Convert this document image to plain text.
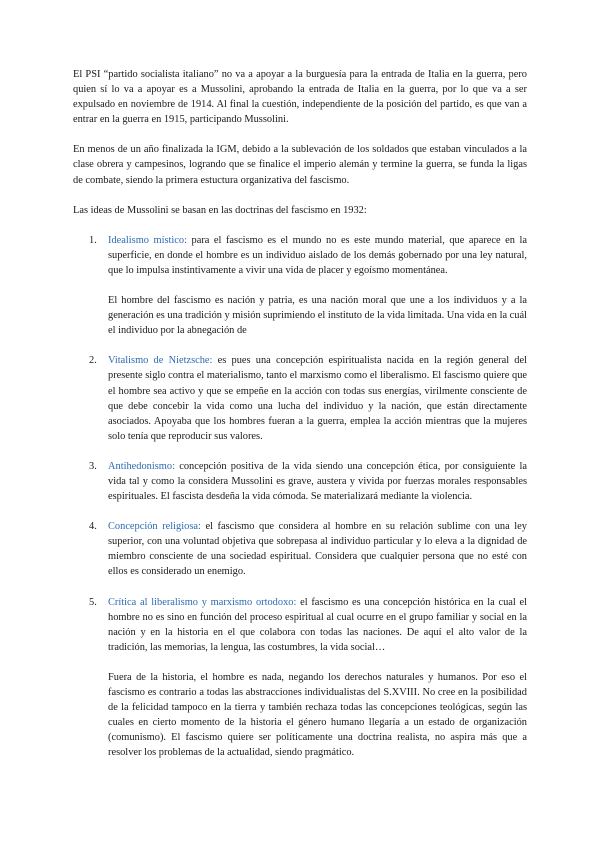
El PSI “partido socialista italiano” no va a apoyar a la burguesía para la entrada de Italia en la guerra, pero quien sí lo va a apoyar es a Mussolini, aprobando la entrada de Italia en la guerra, por lo que va a ser expulsado en noviembre de 1914. Al final la cuestión, independiente de la posición del partido, es que van a entrar en la guerra en 1915, participando Mussolini.

En menos de un año finalizada la IGM, debido a la sublevación de los soldados que estaban vinculados a la clase obrera y campesinos, logrando que se finalice el imperio alemán y termine la guerra, se funda la ligas de combate, siendo la primera estuctura organizativa del fascismo.

Las ideas de Mussolini se basan en las doctrinas del fascismo en 1932:

1. Idealismo místico: para el fascismo es el mundo no es este mundo material, que aparece en la superficie, en donde el hombre es un individuo aislado de los demás gobernado por una ley natural, que lo impulsa instintivamente a vivir una vida de placer y egoísmo momentánea.

El hombre del fascismo es nación y patria, es una nación moral que une a los individuos y a la generación es una tradición y misión suprimiendo el instituto de la vida limitada. Una vida en la cuál el individuo por la abnegación de

2. Vitalismo de Nietzsche: es pues una concepción espiritualista nacida en la región general del presente siglo contra el materialismo, tanto el marxismo como el liberalismo. El fascismo quiere que el hombre sea activo y que se empeñe en la acción con todas sus energías, virilmente consciente de que debe concebir la vida como una lucha del individuo y la nación, que están directamente asociados. Apoyaba que los hombres fueran a la guerra, emplea la acción mientras que la mujeres solo tenía que reproducir sus valores.

3. Antihedonismo: concepción positiva de la vida siendo una concepción ética, por consiguiente la vida tal y como la considera Mussolini es grave, austera y vivida por fuerzas morales responsables espirituales. El fascista desdeña la vida cómoda. Se materializará mediante la violencia.

4. Concepción religiosa: el fascismo que considera al hombre en su relación sublime con una ley superior, con una voluntad objetiva que sobrepasa al individuo particular y lo eleva a la dignidad de miembro consciente de una sociedad espiritual. Considera que cualquier persona que no esté con ellos es considerado un enemigo.

5. Crítica al liberalismo y marxismo ortodoxo: el fascismo es una concepción histórica en la cual el hombre no es sino en función del proceso espiritual al cual ocurre en el grupo familiar y social en la nación y en la historia en el que colabora con todas las naciones. De aquí el alto valor de la tradición, las memorias, la lengua, las costumbres, la vida social…

Fuera de la historia, el hombre es nada, negando los derechos naturales y humanos. Por eso el fascismo es contrario a todas las abstracciones individualistas del S.XVIII. No cree en la posibilidad de la felicidad tampoco en la tierra y también rechaza todas las concepciones teológicas, según las cuales en cierto momento de la historia el género humano llegaría a un estado de organización (comunismo). El fascismo quiere ser políticamente una doctrina realista, no aspira más que a resolver los problemas de la actualidad, siendo pragmático.
